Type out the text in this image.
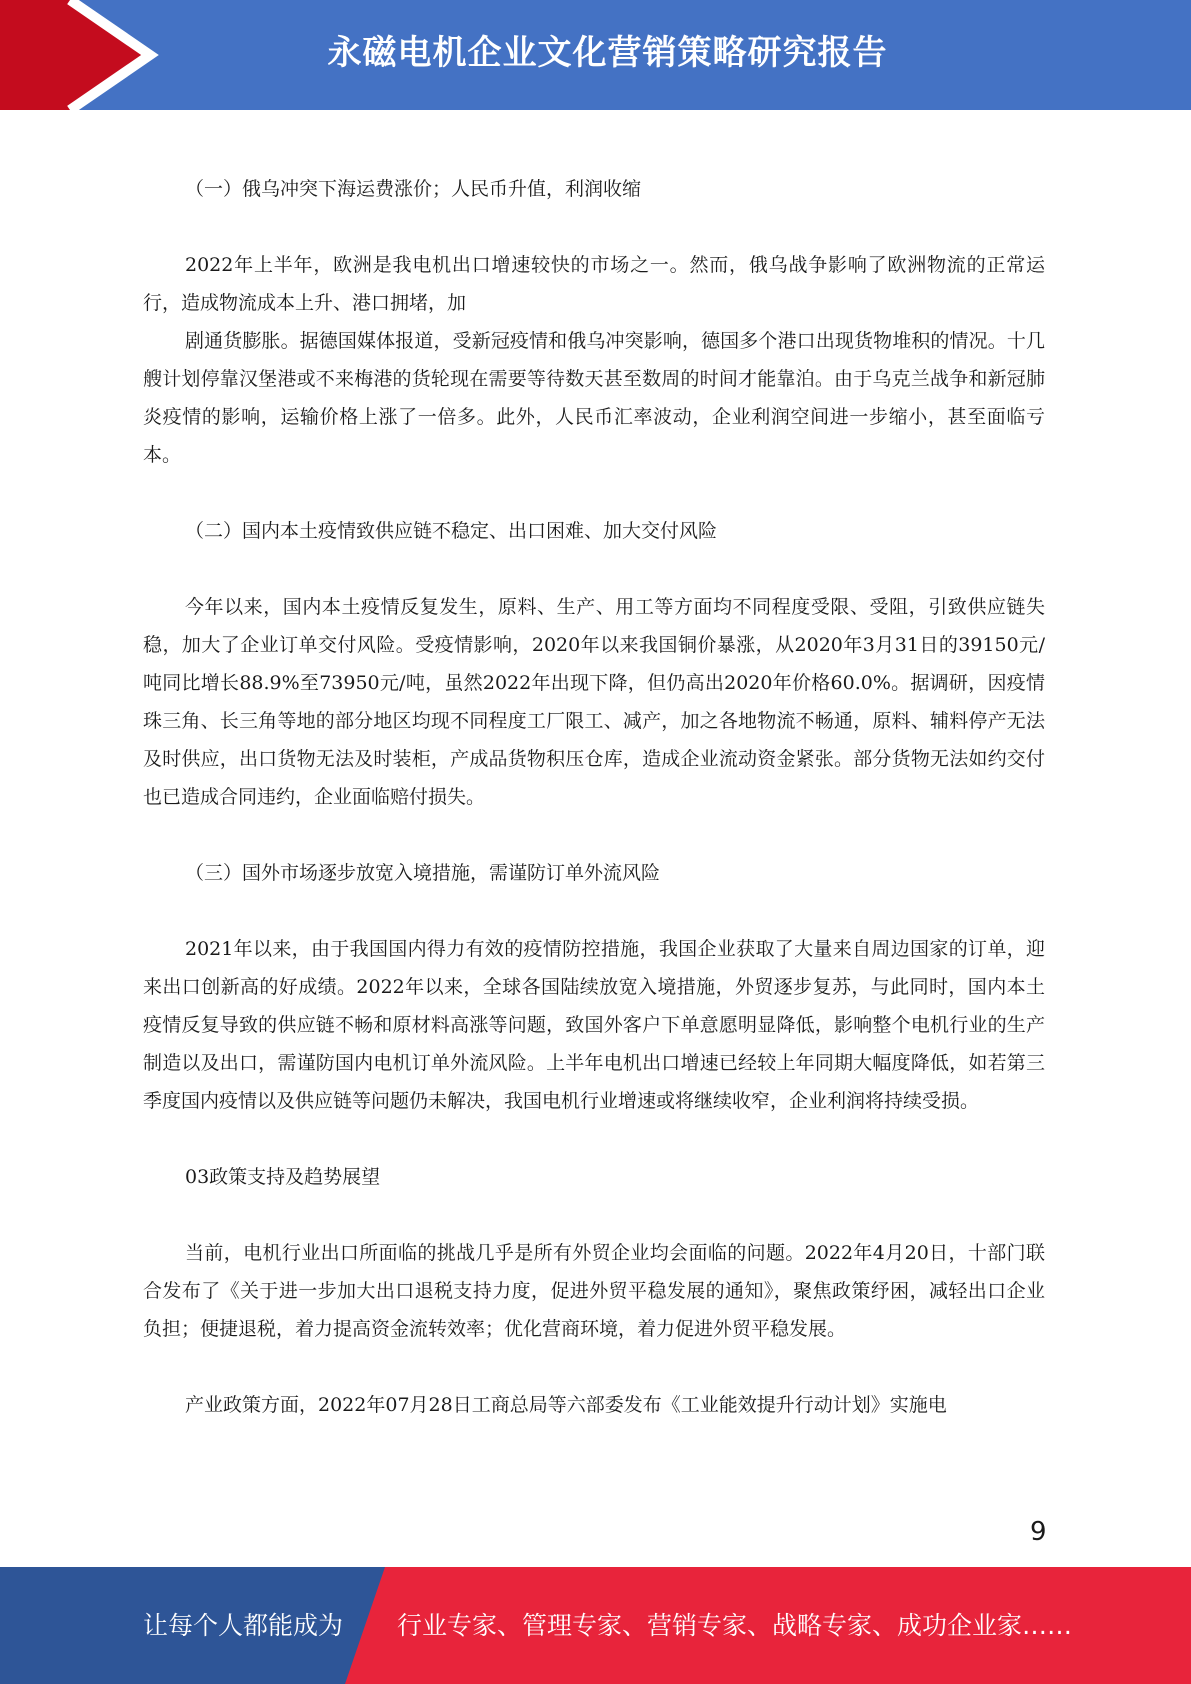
永磁电机企业文化营销策略研究报告

（一）俄乌冲突下海运费涨价；人民币升值，利润收缩

2022年上半年，欧洲是我电机出口增速较快的市场之一。然而，俄乌战争影响了欧洲物流的正常运行，造成物流成本上升、港口拥堵，加

剧通货膨胀。据德国媒体报道，受新冠疫情和俄乌冲突影响，德国多个港口出现货物堆积的情况。十几艘计划停靠汉堡港或不来梅港的货轮现在需要等待数天甚至数周的时间才能靠泊。由于乌克兰战争和新冠肺炎疫情的影响，运输价格上涨了一倍多。此外，人民币汇率波动，企业利润空间进一步缩小，甚至面临亏本。

（二）国内本土疫情致供应链不稳定、出口困难、加大交付风险

今年以来，国内本土疫情反复发生，原料、生产、用工等方面均不同程度受限、受阻，引致供应链失稳，加大了企业订单交付风险。受疫情影响，2020年以来我国铜价暴涨，从2020年3月31日的39150元/吨同比增长88.9%至73950元/吨，虽然2022年出现下降，但仍高出2020年价格60.0%。据调研，因疫情珠三角、长三角等地的部分地区均现不同程度工厂限工、减产，加之各地物流不畅通，原料、辅料停产无法及时供应，出口货物无法及时装柜，产成品货物积压仓库，造成企业流动资金紧张。部分货物无法如约交付也已造成合同违约，企业面临赔付损失。

（三）国外市场逐步放宽入境措施，需谨防订单外流风险

2021年以来，由于我国国内得力有效的疫情防控措施，我国企业获取了大量来自周边国家的订单，迎来出口创新高的好成绩。2022年以来，全球各国陆续放宽入境措施，外贸逐步复苏，与此同时，国内本土疫情反复导致的供应链不畅和原材料高涨等问题，致国外客户下单意愿明显降低，影响整个电机行业的生产制造以及出口，需谨防国内电机订单外流风险。上半年电机出口增速已经较上年同期大幅度降低，如若第三季度国内疫情以及供应链等问题仍未解决，我国电机行业增速或将继续收窄，企业利润将持续受损。

03政策支持及趋势展望

当前，电机行业出口所面临的挑战几乎是所有外贸企业均会面临的问题。2022年4月20日，十部门联合发布了《关于进一步加大出口退税支持力度，促进外贸平稳发展的通知》，聚焦政策纾困，减轻出口企业负担；便捷退税，着力提高资金流转效率；优化营商环境，着力促进外贸平稳发展。

产业政策方面，2022年07月28日工商总局等六部委发布《工业能效提升行动计划》实施电

9
让每个人都能成为 行业专家、管理专家、营销专家、战略专家、成功企业家……
